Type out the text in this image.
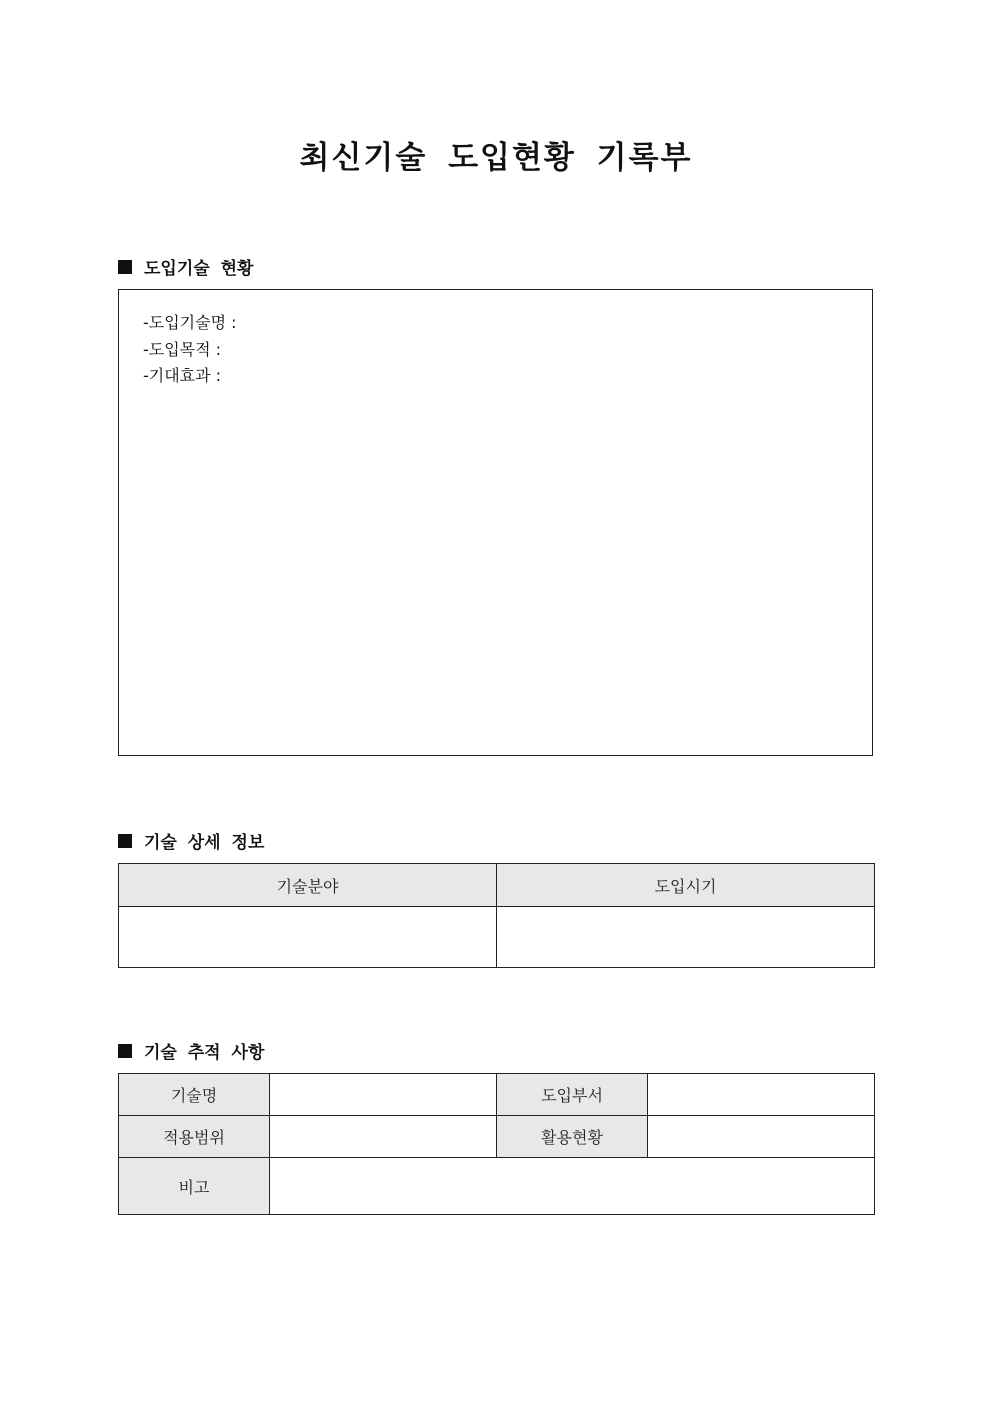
최신기술 도입현황 기록부
도입기술 현황
-도입기술명 :
-도입목적 :
-기대효과 :
기술 상세 정보
기술분야	도입시기

기술 추적 사항
기술명		도입부서	
적용범위		활용현황	
비고			
